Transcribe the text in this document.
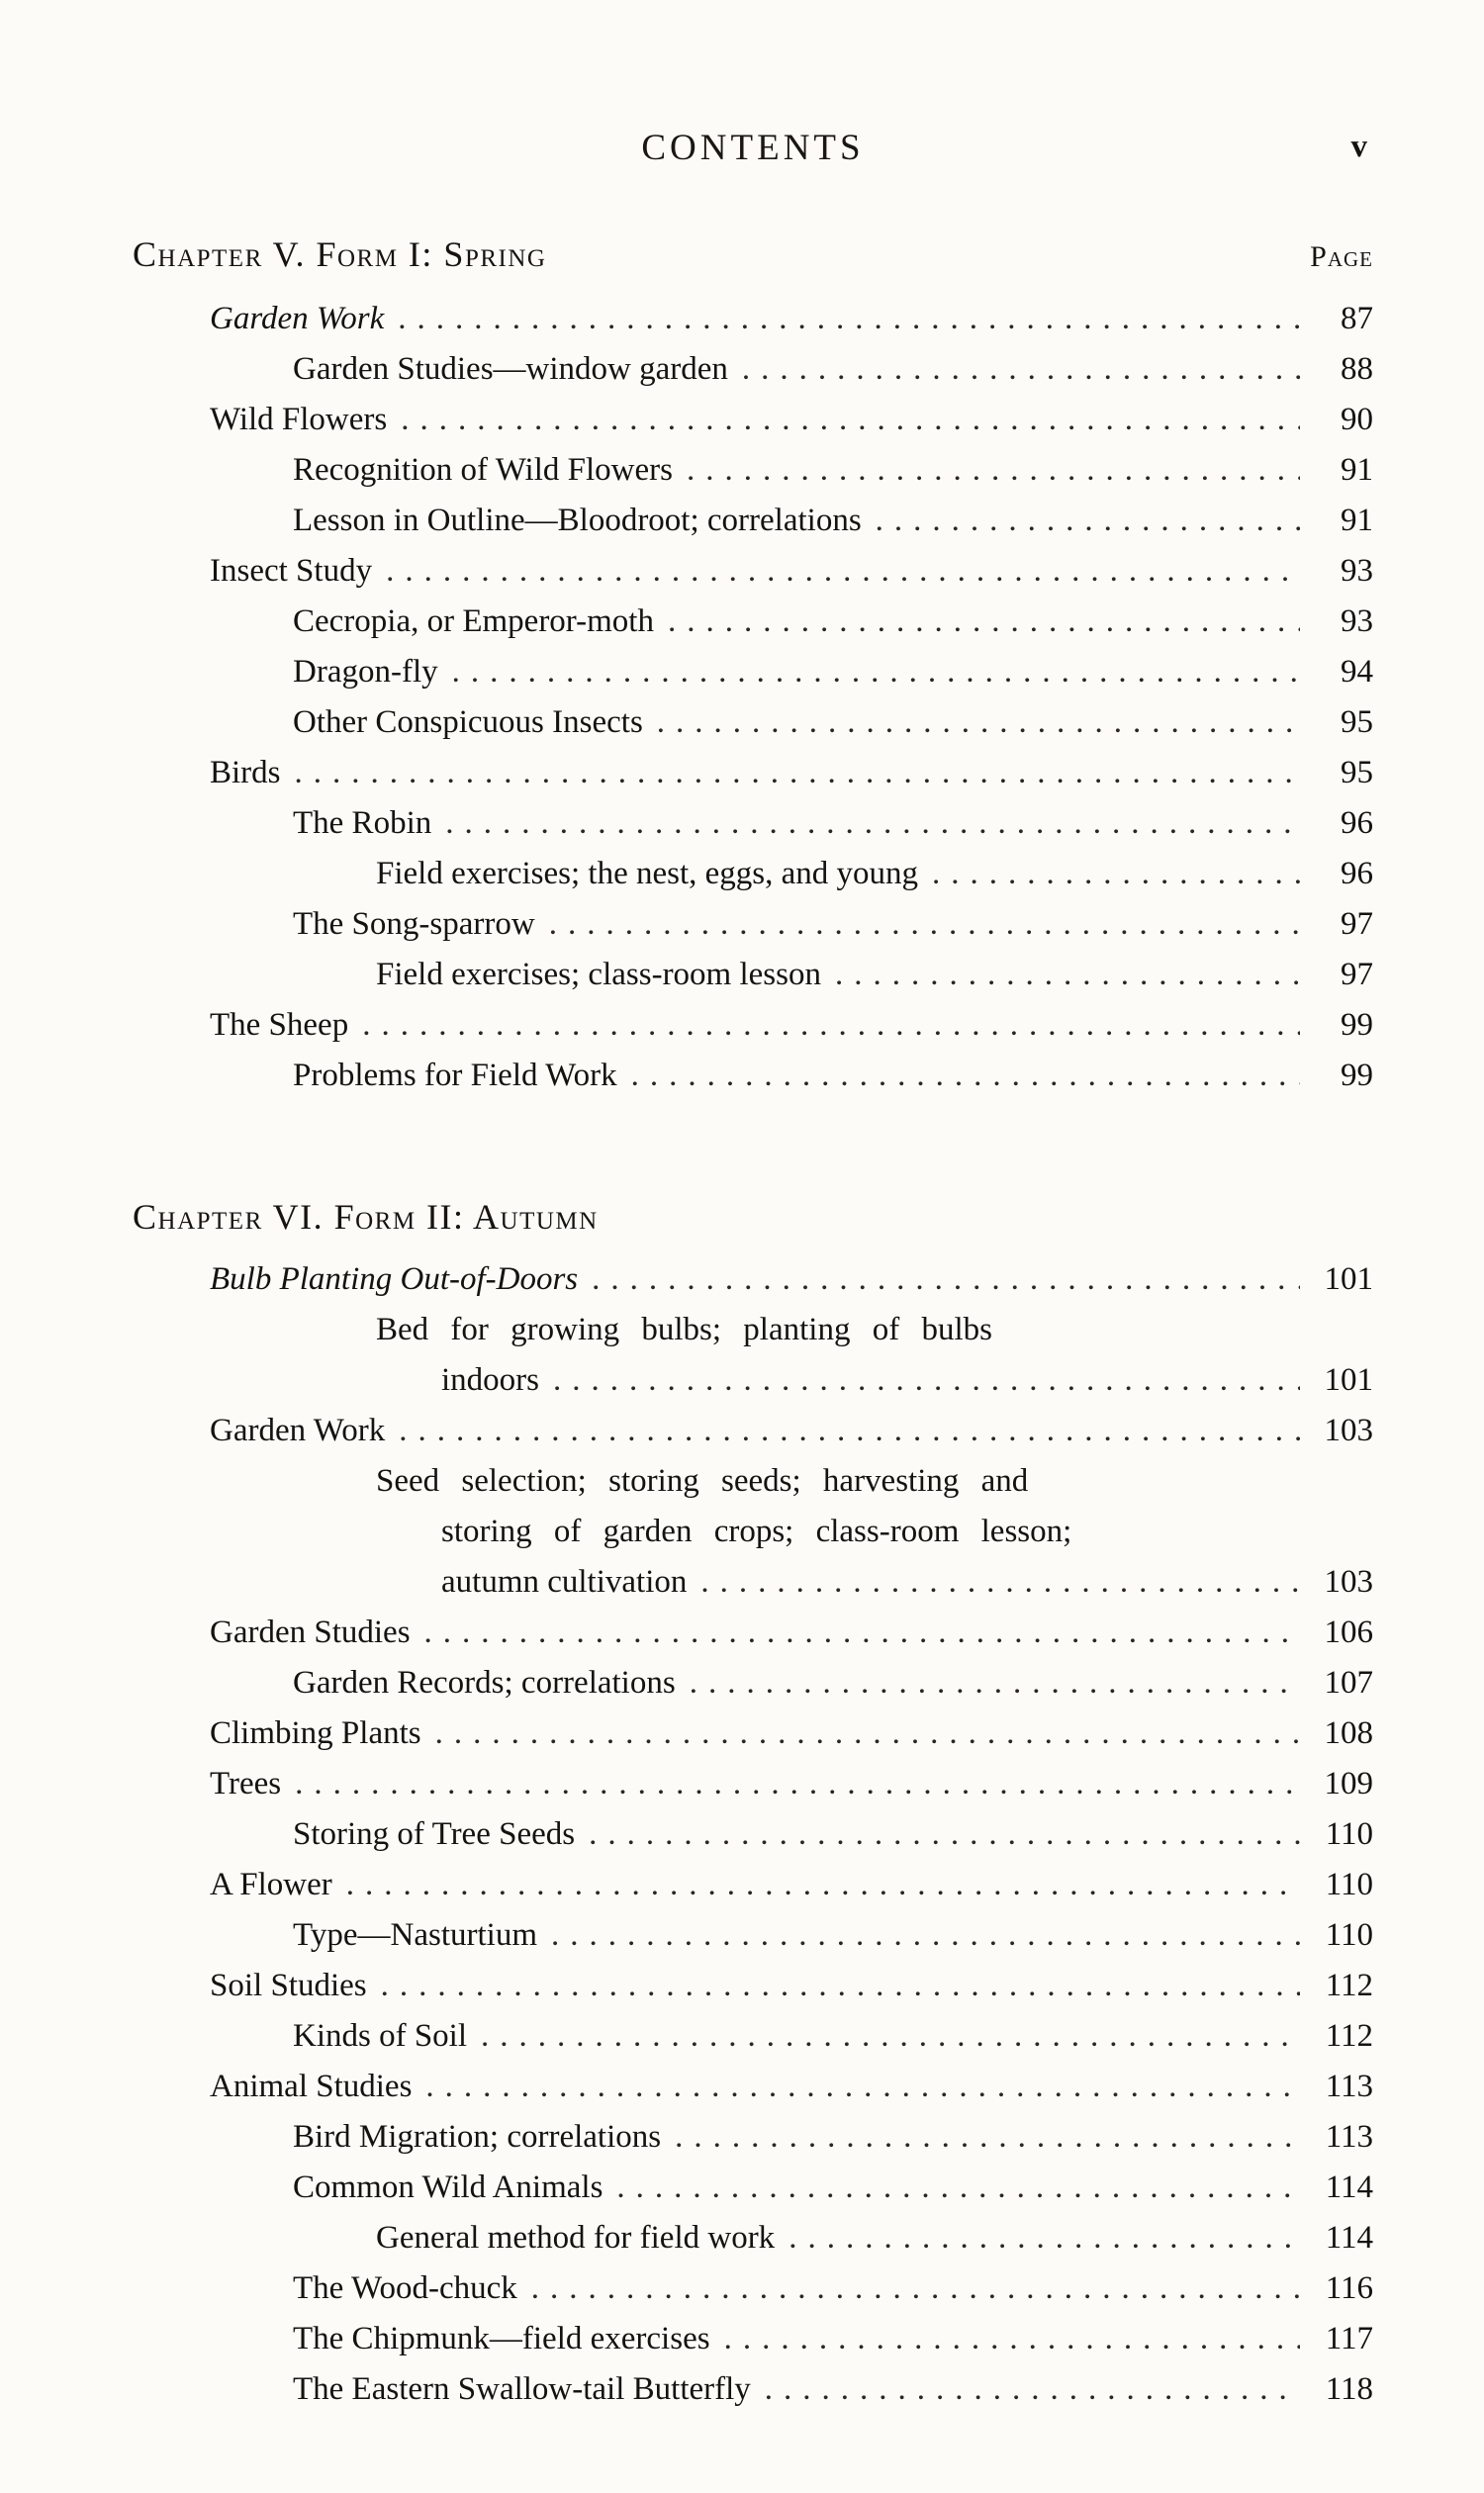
CONTENTS	v
Chapter V. Form I: Spring	Page
Garden Work .....	87
Garden Studies—window garden .....	88
Wild Flowers .....	90
Recognition of Wild Flowers .....	91
Lesson in Outline—Bloodroot; correlations .....	91
Insect Study .....	93
Cecropia, or Emperor-moth .....	93
Dragon-fly .....	94
Other Conspicuous Insects .....	95
Birds .....	95
The Robin .....	96
Field exercises; the nest, eggs, and young .....	96
The Song-sparrow .....	97
Field exercises; class-room lesson .....	97
The Sheep .....	99
Problems for Field Work .....	99
Chapter VI. Form II: Autumn
Bulb Planting Out-of-Doors .....	101
Bed for growing bulbs; planting of bulbs
indoors .....	101
Garden Work .....	103
Seed selection; storing seeds; harvesting and
storing of garden crops; class-room lesson;
autumn cultivation .....	103
Garden Studies .....	106
Garden Records; correlations .....	107
Climbing Plants .....	108
Trees .....	109
Storing of Tree Seeds .....	110
A Flower .....	110
Type—Nasturtium .....	110
Soil Studies .....	112
Kinds of Soil .....	112
Animal Studies .....	113
Bird Migration; correlations .....	113
Common Wild Animals .....	114
General method for field work .....	114
The Wood-chuck .....	116
The Chipmunk—field exercises .....	117
The Eastern Swallow-tail Butterfly .....	118
